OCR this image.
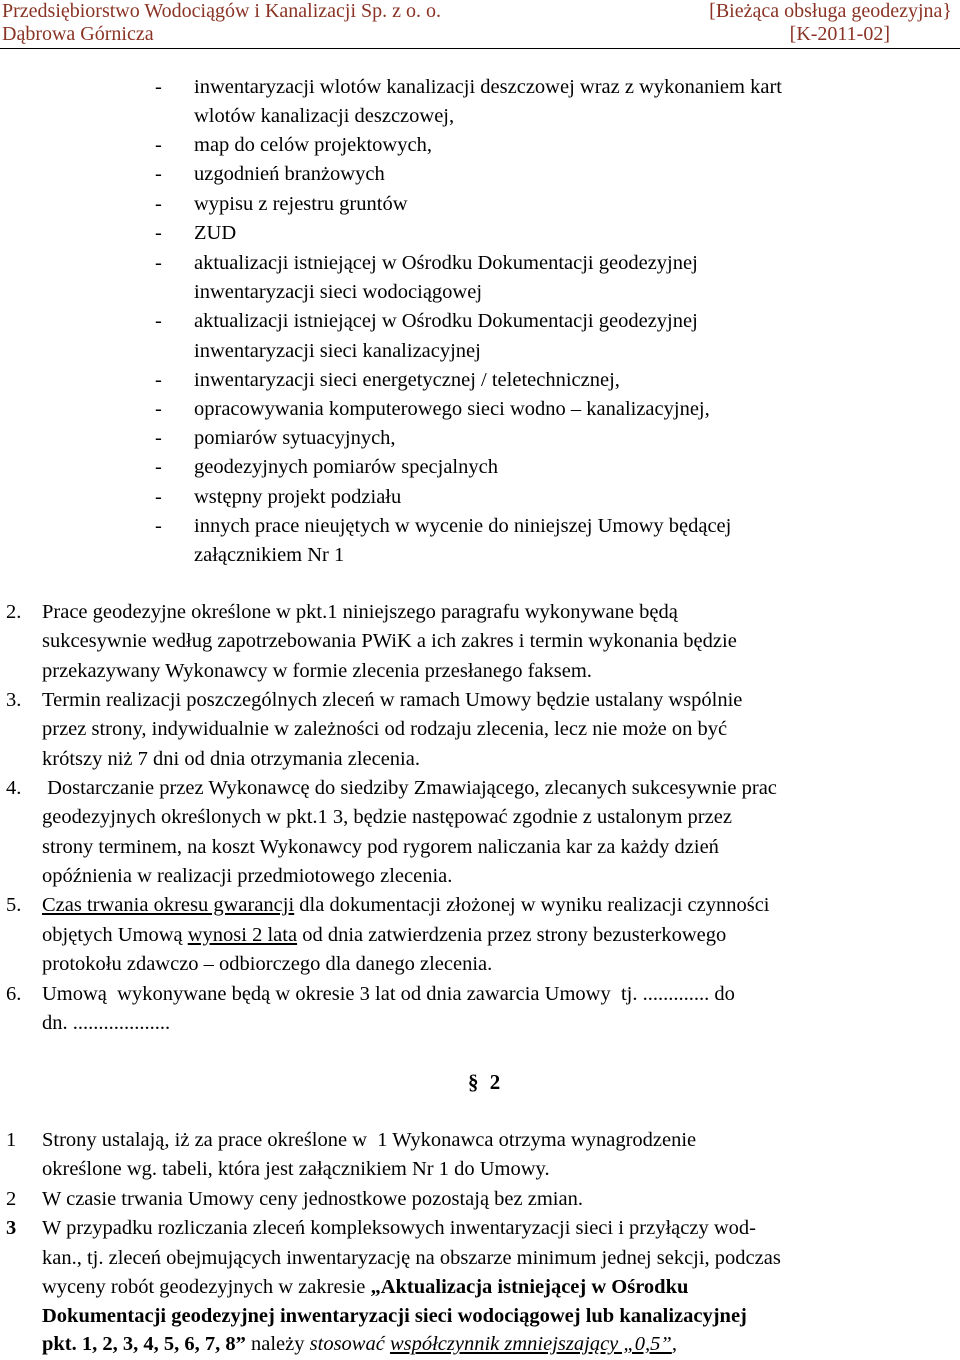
Przedsiębiorstwo Wodociągów i Kanalizacji Sp. z o. o.
Dąbrowa Górnicza
[Bieżąca obsługa geodezyjna}
[K-2011-02]
- inwentaryzacji wlotów kanalizacji deszczowej wraz z wykonaniem kart
wlotów kanalizacji deszczowej,
- map do celów projektowych,
- uzgodnień branżowych
- wypisu z rejestru gruntów
- ZUD
- aktualizacji istniejącej w Ośrodku Dokumentacji geodezyjnej
inwentaryzacji sieci wodociągowej
- aktualizacji istniejącej w Ośrodku Dokumentacji geodezyjnej
inwentaryzacji sieci kanalizacyjnej
- inwentaryzacji sieci energetycznej / teletechnicznej,
- opracowywania komputerowego sieci wodno – kanalizacyjnej,
- pomiarów sytuacyjnych,
- geodezyjnych pomiarów specjalnych
- wstępny projekt podziału
- innych prace nieujętych w wycenie do niniejszej Umowy będącej
załącznikiem Nr 1
2. Prace geodezyjne określone w pkt.1 niniejszego paragrafu wykonywane będą
sukcesywnie według zapotrzebowania PWiK a ich zakres i termin wykonania będzie
przekazywany Wykonawcy w formie zlecenia przesłanego faksem.
3. Termin realizacji poszczególnych zleceń w ramach Umowy będzie ustalany wspólnie
przez strony, indywidualnie w zależności od rodzaju zlecenia, lecz nie może on być
krótszy niż 7 dni od dnia otrzymania zlecenia.
4. Dostarczanie przez Wykonawcę do siedziby Zmawiającego, zlecanych sukcesywnie prac
geodezyjnych określonych w pkt.1 3, będzie następować zgodnie z ustalonym przez
strony terminem, na koszt Wykonawcy pod rygorem naliczania kar za każdy dzień
opóźnienia w realizacji przedmiotowego zlecenia.
5. Czas trwania okresu gwarancji dla dokumentacji złożonej w wyniku realizacji czynności
objętych Umową wynosi 2 lata od dnia zatwierdzenia przez strony bezusterkowego
protokołu zdawczo – odbiorczego dla danego zlecenia.
6. Umową  wykonywane będą w okresie 3 lat od dnia zawarcia Umowy  tj. ............. do
dn. ...................
§ 2
1 Strony ustalają, iż za prace określone w  1 Wykonawca otrzyma wynagrodzenie
określone wg. tabeli, która jest załącznikiem Nr 1 do Umowy.
2 W czasie trwania Umowy ceny jednostkowe pozostają bez zmian.
3 W przypadku rozliczania zleceń kompleksowych inwentaryzacji sieci i przyłączy wod-
kan., tj. zleceń obejmujących inwentaryzację na obszarze minimum jednej sekcji, podczas
wyceny robót geodezyjnych w zakresie „Aktualizacja istniejącej w Ośrodku
Dokumentacji geodezyjnej inwentaryzacji sieci wodociągowej lub kanalizacyjnej
pkt. 1, 2, 3, 4, 5, 6, 7, 8” należy stosować współczynnik zmniejszający „0,5”,
